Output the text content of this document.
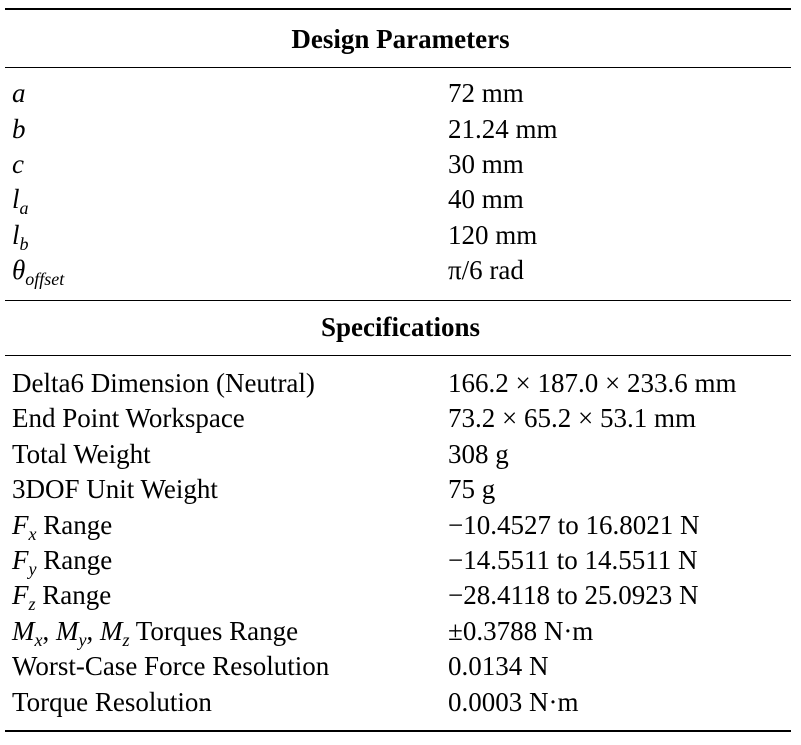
Design Parameters
a	72 mm
b	21.24 mm
c	30 mm
$l_a$	40 mm
$l_b$	120 mm
$\theta_{offset}$	π/6 rad
Specifications
Delta6 Dimension (Neutral)	166.2 × 187.0 × 233.6 mm
End Point Workspace	73.2 × 65.2 × 53.1 mm
Total Weight	308 g
3DOF Unit Weight	75 g
$F_x$ Range	−10.4527 to 16.8021 N
$F_y$ Range	−14.5511 to 14.5511 N
$F_z$ Range	−28.4118 to 25.0923 N
$M_x$, $M_y$, $M_z$ Torques Range	±0.3788 N·m
Worst-Case Force Resolution	0.0134 N
Torque Resolution	0.0003 N·m
